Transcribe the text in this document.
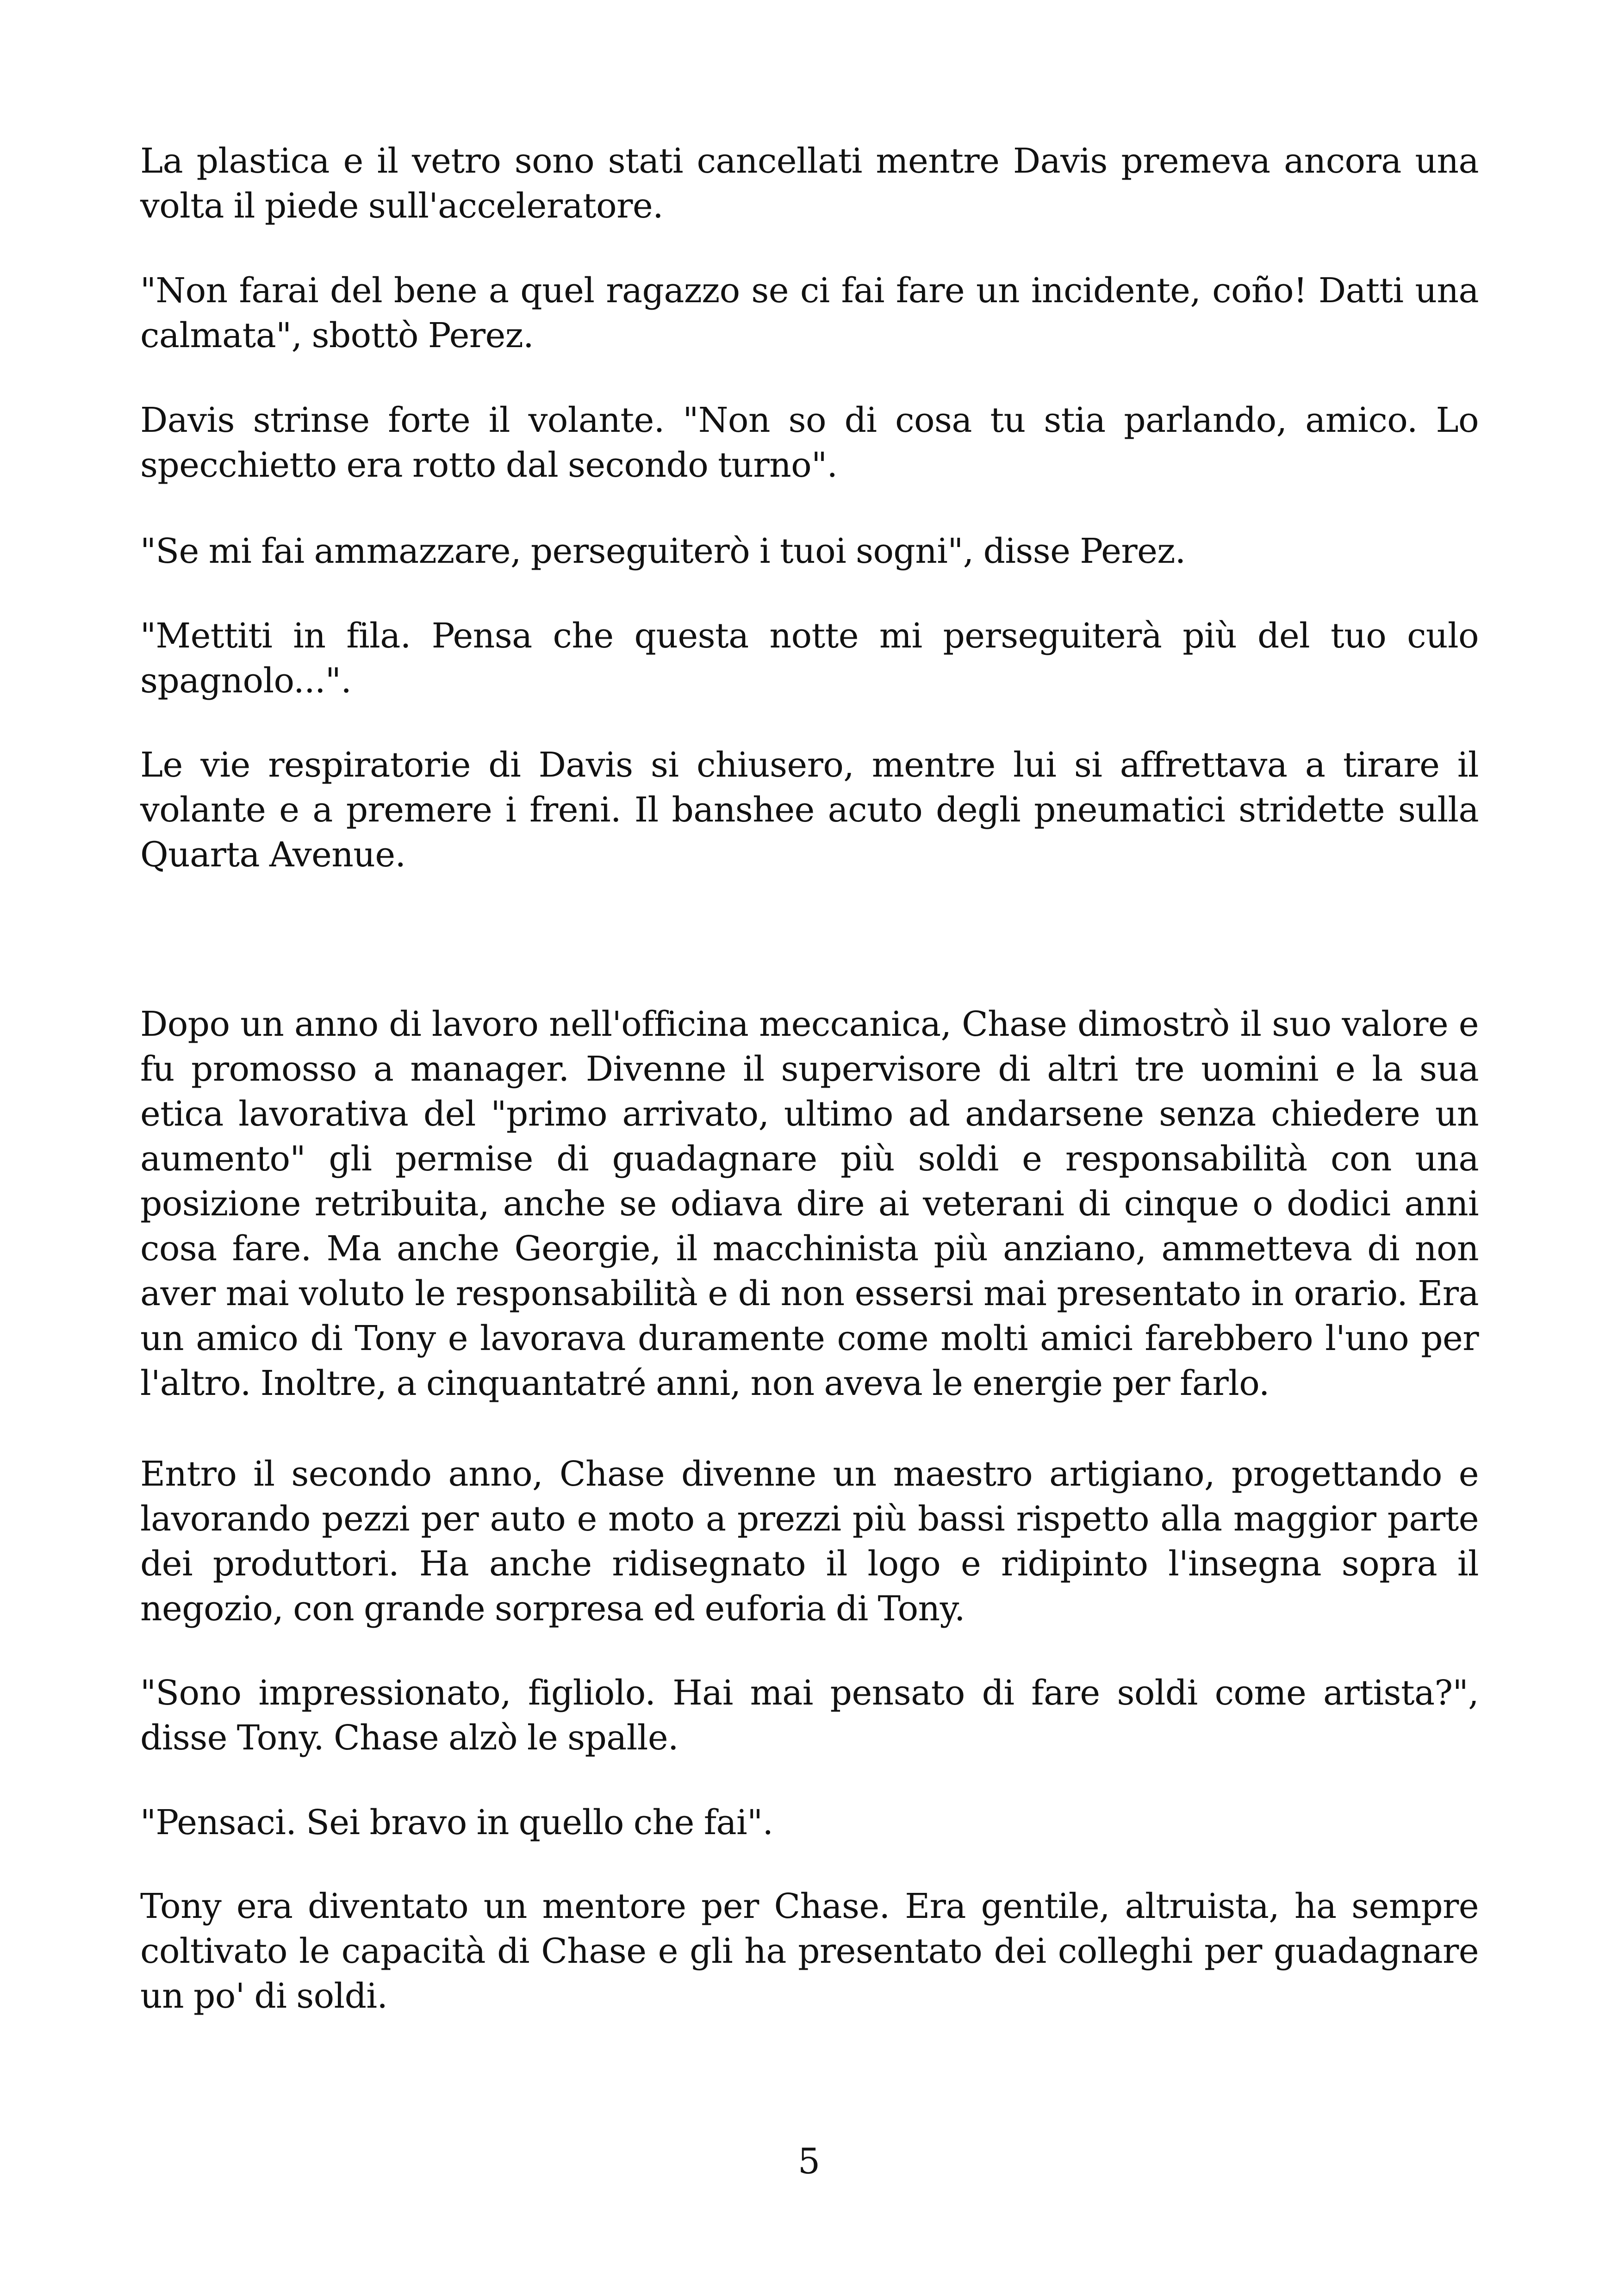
La plastica e il vetro sono stati cancellati mentre Davis premeva ancora una volta il piede sull'acceleratore.

"Non farai del bene a quel ragazzo se ci fai fare un incidente, coño! Datti una calmata", sbottò Perez.

Davis strinse forte il volante. "Non so di cosa tu stia parlando, amico. Lo specchietto era rotto dal secondo turno".

"Se mi fai ammazzare, perseguiterò i tuoi sogni", disse Perez.

"Mettiti in fila. Pensa che questa notte mi perseguiterà più del tuo culo spagnolo...".

Le vie respiratorie di Davis si chiusero, mentre lui si affrettava a tirare il volante e a premere i freni. Il banshee acuto degli pneumatici stridette sulla Quarta Avenue.

Dopo un anno di lavoro nell'officina meccanica, Chase dimostrò il suo valore e fu promosso a manager. Divenne il supervisore di altri tre uomini e la sua etica lavorativa del "primo arrivato, ultimo ad andarsene senza chiedere un aumento" gli permise di guadagnare più soldi e responsabilità con una posizione retribuita, anche se odiava dire ai veterani di cinque o dodici anni cosa fare. Ma anche Georgie, il macchinista più anziano, ammetteva di non aver mai voluto le responsabilità e di non essersi mai presentato in orario. Era un amico di Tony e lavorava duramente come molti amici farebbero l'uno per l'altro. Inoltre, a cinquantatré anni, non aveva le energie per farlo.

Entro il secondo anno, Chase divenne un maestro artigiano, progettando e lavorando pezzi per auto e moto a prezzi più bassi rispetto alla maggior parte dei produttori. Ha anche ridisegnato il logo e ridipinto l'insegna sopra il negozio, con grande sorpresa ed euforia di Tony.

"Sono impressionato, figliolo. Hai mai pensato di fare soldi come artista?", disse Tony. Chase alzò le spalle.

"Pensaci. Sei bravo in quello che fai".

Tony era diventato un mentore per Chase. Era gentile, altruista, ha sempre coltivato le capacità di Chase e gli ha presentato dei colleghi per guadagnare un po' di soldi.

5
